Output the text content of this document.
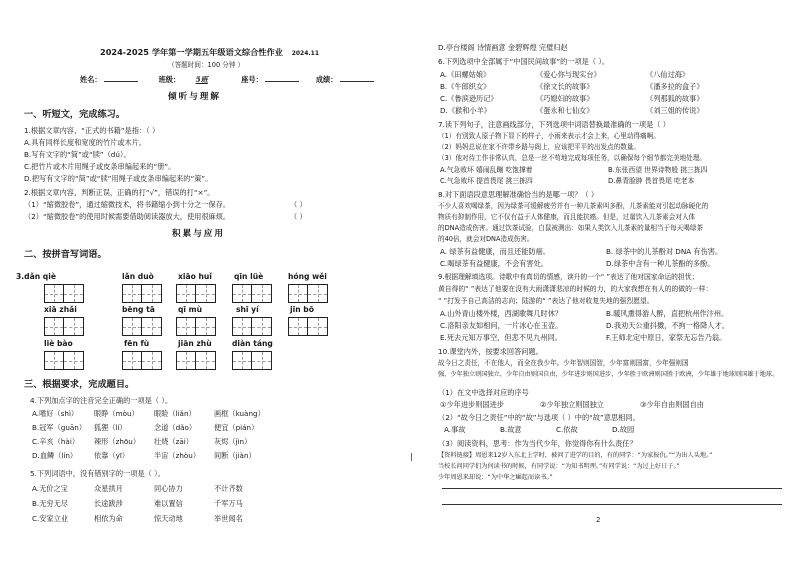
2024-2025 学年第一学期五年级语文综合性作业 2024.11
（答题时间：100 分钟 ）
姓名：	班级： 5班	座号：	成绩：
倾听与理解
一、听短文，完成练习。
1.根据文章内容，“正式的书籍”是指：（ ）
A.具有同样长度和宽度的竹片或木片。
B.写有文字的“简”或“牍”（dú）。
C.把竹片或木片用绳子或皮条串编起来的“册”。
D.把写有文字的“简”或“牍”用绳子或皮条串编起来的“策”。
2.根据文章内容，判断正误，正确的打“√”，错误的打“×”。
（1）“缩微胶卷”，通过缩微技术，将书籍缩小到十分之一保存。	（ ）
（2）“缩微胶卷”的使用时候需要借助阅读器放大，使用很麻烦。	（ ）
积累与应用
二、按拼音写词语。
3.dǎn qiè	lǎn duò	xiāo huǐ	qīn lüè	hóng wěi
xiā zhǎi	bēng tā	qī mù	shī yí	jīn bō
liè bào	fēn fù	jiān zhù	diàn táng
三、根据要求，完成题目。
4.下列加点字的注音完全正确的一项是（ ）。
A.嗜好（shì）	眼睁（mòu）	眼睑（liǎn）	画框（kuàng）
B.冠军（guān）	狐狸（lí）	念道（dǎo）	便宜（pián）
C.辛亥（hài）	辣形（zhōu）	壮烧（zāi）	灰烬（jìn）
D.血鳞（lín）	依靠（yī）	半宙（zhòu）	间断（jiàn）
5.下列词语中，没有错别字的一项是（ ）。
A.无价之宝	众星拱月	同心协力	不计齐数
B.无穷无尽	长途跋涉	难以置信	千军万马
C.安家立业	相依为命	惊天动地	举世闻名
|
D.亭台楼阁 诗情画意 金碧辉煌 完璧归赵
6.下列选项中全部属于“中国民间故事”的一项是（ ）。
A.《田螺姑娘》	《爱心你与现实台》	《八仙过海》
B.《牛郎织女》	《徐文长的故事》	《潘多拉的盒子》
C.《鲁滨逊历记》	《巧媳妇的故事》	《列那狐的故事》
D.《猴和小羊》	《蛋永和七仙女》	《刘三姐的传说》
7.读下列句子，注意画线部分，下列选项中词语替换最准确的一项是（ ）
（1）有别致人原子物下显下的样子，小雨来表示才会上来，心里动得痛啊。
（2）妈妈总说在家不许带乡路与阁上，应该把平平的出发点的数量。
（3）他对待工作非常认真，总是一丝不苟地完成每项任务，以确保每个细节都完美地处理。
A.气急败坏 嬉闹乱蹦 吃饱撑着	B.东张西望 世界诗物般 挑三拣四
C.气急败坏 提首畏尾 挑三拣四	D.鼻青脸肿 畏首畏尾 吃老本
8.对下面语段意思理解准确恰当的是哪一项？（ ）
不少人喜欢喝绿茶，因为绿茶可缓解疲劳并有一种儿茶素叫多酚，儿茶素能对引起动脉硬化的
物质有抑制作用，它不仅有益于人体健康，而且能抗癌。但是，过量饮入儿茶素会对人体
的DNA造成伤害。通过饮茶试验，白鼠被测出：如果人类饮入儿茶素的量相当于每天喝绿茶
的40倍，就会对DNA造成伤害。
A. 绿茶有益健康，而且还能防癌。	B. 绿茶中的儿茶酚对 DNA 有伤害。
C.喝绿茶有益健康，不会有害处。	D.绿茶中含有一种儿茶酚的多酚。
9.根据理解填选项。诗歌中有真切的情感，读升的一个“ ”表达了他对国家命运的担忧；
黄自得的“ ”表达了他要在没有大雨潇潇悲凉的时候的力，的大家我想在有人的的做的一样：
“ ”打发予自己高洁的志向；陆游的“ ”表达了他对收复失地的强烈愿望。
A.山外青山楼外楼，西湖歌舞几时休？	B.暖风熏得游人醉，直把杭州作汴州。
C.洛阳亲友如相问，一片冰心在玉壶。	D.我劝天公重抖擞，不拘一格降人才。
E.死去元知万事空，但悲不见九州同。	F.王师北定中原日，家祭无忘告乃翁。
10.课堂内外，按要求回答问题。
故今日之责任，不在他人，而全在我少年。少年智则国智，少年富则国富，少年强则国
强，少年独立则国独立，少年自由则国自由，少年进步则国进步，少年胜于欧洲则国胜于欧洲，少年雄于地球则国雄于地球。
（1）在文中选择对应的序号
①少年进步则国进步	②少年独立则国独立	③少年自由则国自由
（2）“故今日之责任”中的“故”与选项（ ）中的“故”意思相同。
A.事故	B.故意	C.依故	D.故园
（3）阅读资料，思考：作为当代少年，你觉得你有什么责任？
【资料链接】周恩来12岁入东北上学时，被问了进学的目的，有的同学：“为家报仇。”“为出人头地。”
当校长问同学们为何读书的时候，有同学说：“为知书明理。”有同学说：“为过上好日子。”
少年周恩来却说：“为中华之崛起而读书。”
2
